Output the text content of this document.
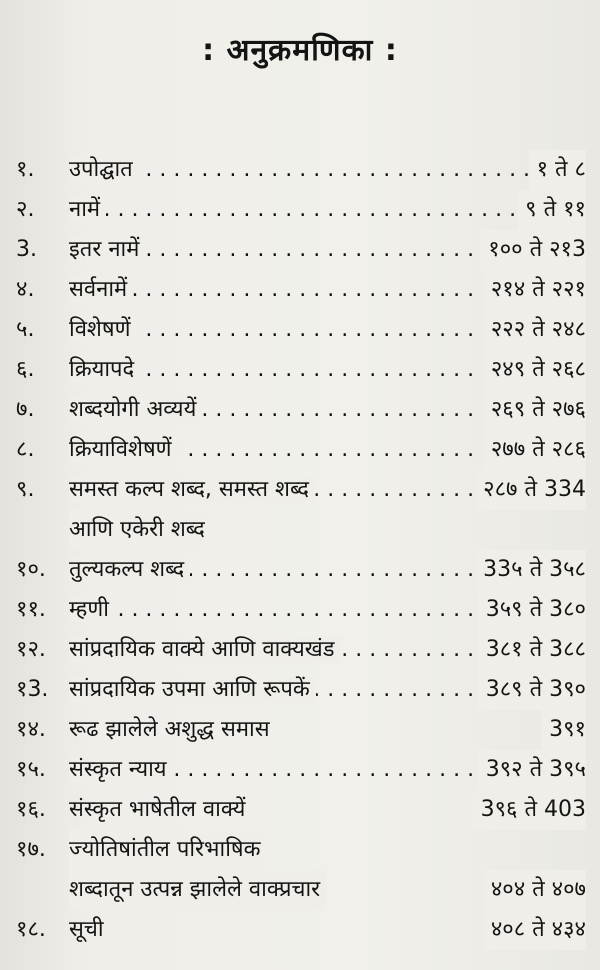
: अनुक्रमणिका :
१.	. . . उपोद्घात	१ ते ८
२.	. . . नामें	९ ते ११
3.	. . . इतर नामें	१०० ते २१3
४.	. . . सर्वनामें	२१४ ते २२१
५.	. . . विशेषणें	२२२ ते २४८
६.	. . . क्रियापदे	२४९ ते २६८
७.	. . . शब्दयोगी अव्ययें	२६९ ते २७६
८.	. . . क्रियाविशेषणें	२७७ ते २८६
९.	. . . समस्त कल्प शब्द, समस्त शब्द	२८७ ते 334
आणि एकेरी शब्द
१०.	. . . तुल्यकल्प शब्द	33५ ते 3५८
११.	. . . म्हणी	3५९ ते 3८०
१२.	. . . सांप्रदायिक वाक्ये आणि वाक्यखंड	3८१ ते 3८८
१3. . . . सांप्रदायिक उपमा आणि रूपकें	3८९ ते 3९०
१४.	रूढ झालेले अशुद्ध समास	3९१
१५.	. . . संस्कृत न्याय	3९२ ते 3९५
१६.	संस्कृत भाषेतील वाक्यें	3९६ ते 403
१७.	ज्योतिषांतील परिभाषिक
शब्दातून उत्पन्न झालेले वाक्प्रचार	४०४ ते ४०७
१८.	सूची	४०८ ते ४३४
